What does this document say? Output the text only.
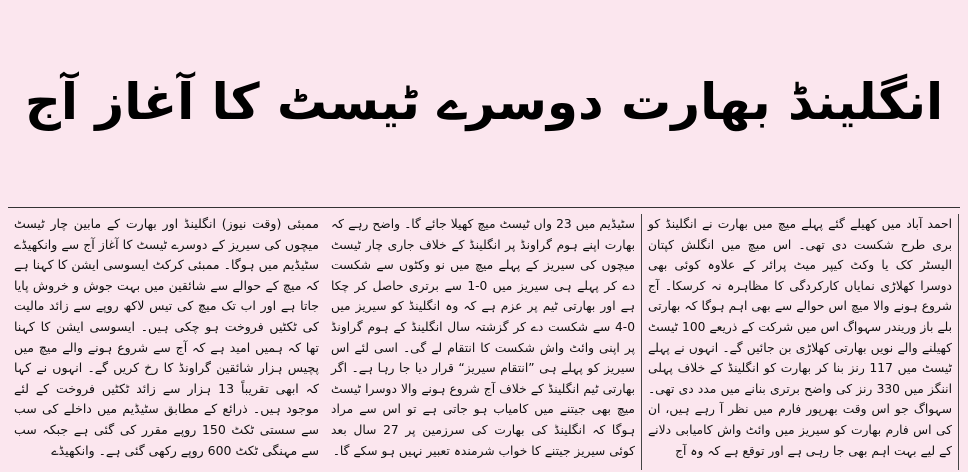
انگلینڈ بھارت دوسرے ٹیسٹ کا آغاز آج

ممبئی (وقت نیوز) انگلینڈ اور بھارت کے مابین چار ٹیسٹ میچوں کی سیریز کے دوسرے ٹیسٹ کا آغاز آج سے وانکھیڈے سٹیڈیم میں ہوگا۔ ممبئی کرکٹ ایسوسی ایشن کا کہنا ہے کہ میچ کے حوالے سے شائقین میں بہت جوش و خروش پایا جاتا ہے اور اب تک میچ کی تیس لاکھ روپے سے زائد مالیت کی ٹکٹیں فروخت ہو چکی ہیں۔ ایسوسی ایشن کا کہنا تھا کہ ہمیں امید ہے کہ آج سے شروع ہونے والے میچ میں پچیس ہزار شائقین گراونڈ کا رخ کریں گے۔ انہوں نے کہا کہ ابھی تقریباً 13 ہزار سے زائد ٹکٹیں فروخت کے لئے موجود ہیں۔ ذرائع کے مطابق سٹیڈیم میں داخلے کی سب سے سستی ٹکٹ 150 روپے مقرر کی گئی ہے جبکہ سب سے مہنگی ٹکٹ 600 روپے رکھی گئی ہے۔ وانکھیڈے

سٹیڈیم میں 23 واں ٹیسٹ میچ کھیلا جائے گا۔ واضح رہے کہ بھارت اپنے ہوم گراونڈ پر انگلینڈ کے خلاف جاری چار ٹیسٹ میچوں کی سیریز کے پہلے میچ میں نو وکٹوں سے شکست دے کر پہلے ہی سیریز میں 0-1 سے برتری حاصل کر چکا ہے اور بھارتی ٹیم پر عزم ہے کہ وہ انگلینڈ کو سیریز میں 0-4 سے شکست دے کر گزشتہ سال انگلینڈ کے ہوم گراونڈ پر اپنی وائٹ واش شکست کا انتقام لے گی۔ اسی لئے اس سیریز کو پہلے ہی ”انتقام سیریز“ قرار دیا جا رہا ہے۔ اگر بھارتی ٹیم انگلینڈ کے خلاف آج شروع ہونے والا دوسرا ٹیسٹ میچ بھی جیتنے میں کامیاب ہو جاتی ہے تو اس سے مراد ہوگا کہ انگلینڈ کی بھارت کی سرزمین پر 27 سال بعد کوئی سیریز جیتنے کا خواب شرمندہ تعبیر نہیں ہو سکے گا۔

احمد آباد میں کھیلے گئے پہلے میچ میں بھارت نے انگلینڈ کو بری طرح شکست دی تھی۔ اس میچ میں انگلش کپتان الیسٹر کک یا وکٹ کیپر میٹ پرائر کے علاوہ کوئی بھی دوسرا کھلاڑی نمایاں کارکردگی کا مظاہرہ نہ کرسکا۔ آج شروع ہونے والا میچ اس حوالے سے بھی اہم ہوگا کہ بھارتی بلے باز وریندر سہواگ اس میں شرکت کے ذریعے 100 ٹیسٹ کھیلنے والے نویں بھارتی کھلاڑی بن جائیں گے۔ انہوں نے پہلے ٹیسٹ میں 117 رنز بنا کر بھارت کو انگلینڈ کے خلاف پہلی اننگز میں 330 رنز کی واضح برتری بنانے میں مدد دی تھی۔ سہواگ جو اس وقت بھرپور فارم میں نظر آ رہے ہیں، ان کی اس فارم بھارت کو سیریز میں وائٹ واش کامیابی دلانے کے لیے بہت اہم بھی جا رہی ہے اور توقع ہے کہ وہ آج
